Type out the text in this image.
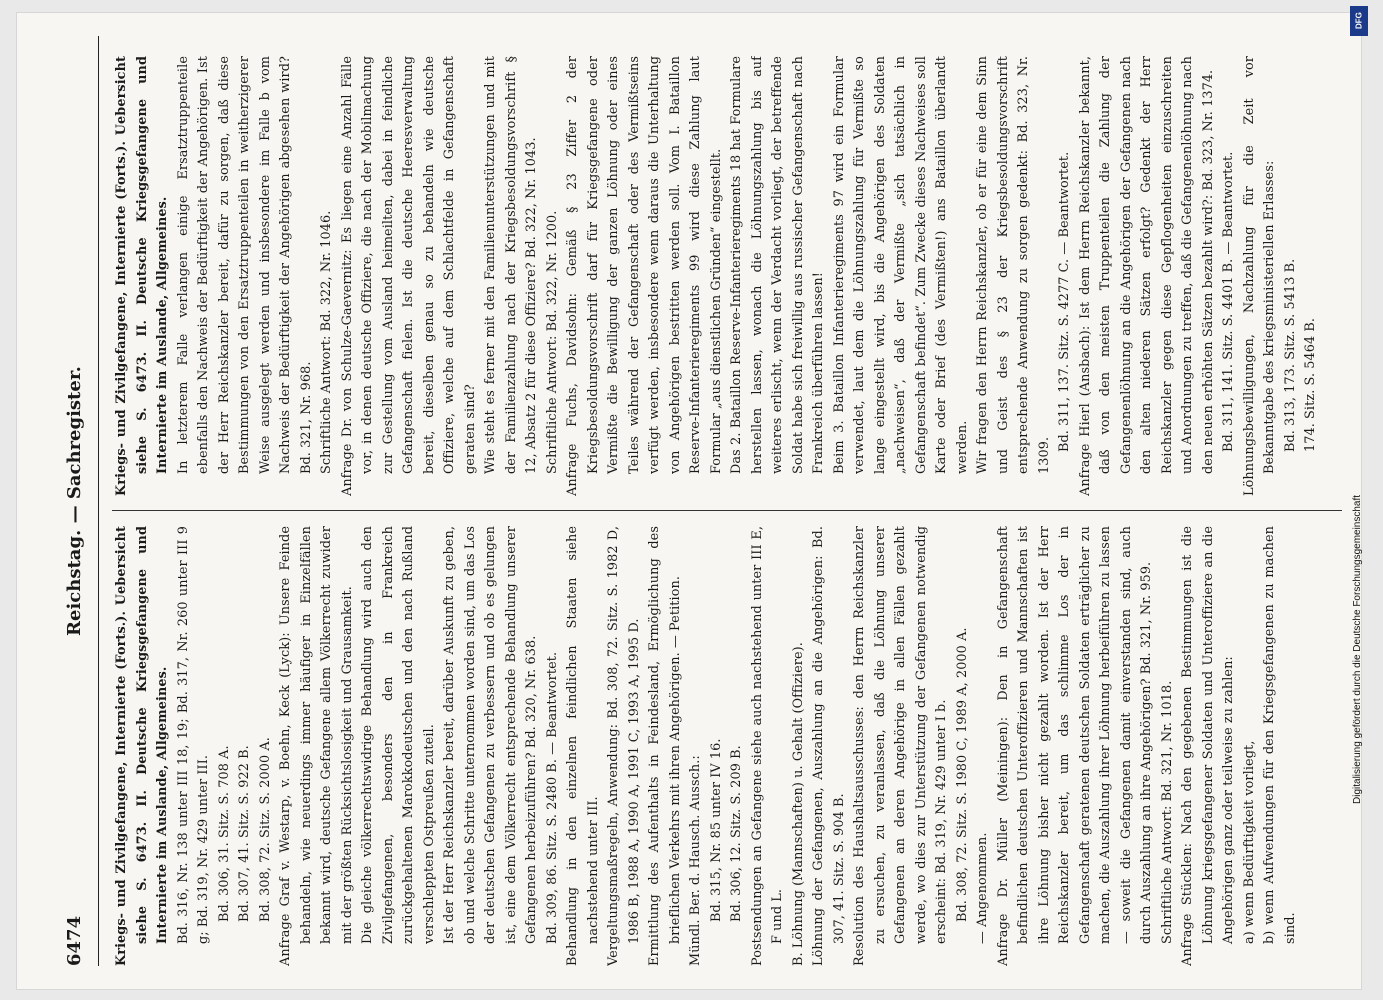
6474
Reichstag. — Sachregister.

Kriegs- und Zivilgefangene, Internierte (Forts.). Uebersicht siehe S. 6473. II. Deutsche Kriegsgefangene und Internierte im Auslande, Allgemeines. Bd. 316, Nr. 138 unter III 18, 19; Bd. 317, Nr. 260 unter III 9 g; Bd. 319, Nr. 429 unter III. Bd. 306, 31. Sitz. S. 708 A. Bd. 307, 41. Sitz. S. 922 B. Bd. 308, 72. Sitz. S. 2000 A. Anfrage Graf v. Westarp, v. Boehn, Keck (Lyck): Unsere Feinde behandeln, wie neuerdings immer häufiger in Einzelfällen bekannt wird, deutsche Gefangene allem Völkerrecht zuwider mit der größten Rücksichtslosigkeit und Grausamkeit. Die gleiche völkerrechtswidrige Behandlung wird auch den Zivilgefangenen, besonders den in Frankreich zurückgehaltenen Marokkodeutschen und den nach Rußland verschleppten Ostpreußen zuteil. Ist der Herr Reichskanzler bereit, darüber Auskunft zu geben, ob und welche Schritte unternommen worden sind, um das Los der deutschen Gefangenen zu verbessern und ob es gelungen ist, eine dem Völkerrecht entsprechende Behandlung unserer Gefangenen herbeizuführen? Bd. 320, Nr. 638. Bd. 309, 86. Sitz. S. 2480 B. — Beantwortet. Behandlung in den einzelnen feindlichen Staaten siehe nachstehend unter III. Vergeltungsmaßregeln, Anwendung: Bd. 308, 72. Sitz. S. 1982 D, 1986 B, 1988 A, 1990 A, 1991 C, 1993 A, 1995 D. Ermittlung des Aufenthalts in Feindesland, Ermöglichung des brieflichen Verkehrs mit ihren Angehörigen. — Petition. Mündl. Ber. d. Hausch. Aussch.: Bd. 315, Nr. 85 unter IV 16. Bd. 306, 12. Sitz. S. 209 B. Postsendungen an Gefangene siehe auch nachstehend unter III E, F und L. B. Löhnung (Mannschaften) u. Gehalt (Offiziere). Löhnung der Gefangenen, Auszahlung an die Angehörigen: Bd. 307, 41. Sitz. S. 904 B. Resolution des Haushaltsausschusses: den Herrn Reichskanzler zu ersuchen, zu veranlassen, daß die Löhnung unserer Gefangenen an deren Angehörige in allen Fällen gezahlt werde, wo dies zur Unterstützung der Gefangenen notwendig erscheint: Bd. 319, Nr. 429 unter I b. Bd. 308, 72. Sitz. S. 1980 C, 1989 A, 2000 A. — Angenommen. Anfrage Dr. Müller (Meiningen): Den in Gefangenschaft befindlichen deutschen Unteroffizieren und Mannschaften ist ihre Löhnung bisher nicht gezahlt worden. Ist der Herr Reichskanzler bereit, um das schlimme Los der in Gefangenschaft geratenen deutschen Soldaten erträglicher zu machen, die Auszahlung ihrer Löhnung herbeiführen zu lassen — soweit die Gefangenen damit einverstanden sind, auch durch Auszahlung an ihre Angehörigen? Bd. 321, Nr. 959. Schriftliche Antwort: Bd. 321, Nr. 1018. Anfrage Stücklen: Nach den gegebenen Bestimmungen ist die Löhnung kriegsgefangener Soldaten und Unteroffiziere an die Angehörigen ganz oder teilweise zu zahlen: a) wenn Bedürftigkeit vorliegt, b) wenn Aufwendungen für den Kriegsgefangenen zu machen sind.

Kriegs- und Zivilgefangene, Internierte (Forts.). Uebersicht siehe S. 6473. II. Deutsche Kriegsgefangene und Internierte im Auslande, Allgemeines. In letzterem Falle verlangen einige Ersatztruppenteile ebenfalls den Nachweis der Bedürftigkeit der Angehörigen. Ist der Herr Reichskanzler bereit, dafür zu sorgen, daß diese Bestimmungen von den Ersatztruppenteilen in weitherzigerer Weise ausgelegt werden und insbesondere im Falle b vom Nachweis der Bedürftigkeit der Angehörigen abgesehen wird? Bd. 321, Nr. 968. Schriftliche Antwort: Bd. 322, Nr. 1046. Anfrage Dr. von Schulze-Gaevernitz: Es liegen eine Anzahl Fälle vor, in denen deutsche Offiziere, die nach der Mobilmachung zur Gestellung vom Ausland heimeilten, dabei in feindliche Gefangenschaft fielen. Ist die deutsche Heeresverwaltung bereit, dieselben genau so zu behandeln wie deutsche Offiziere, welche auf dem Schlachtfelde in Gefangenschaft geraten sind? Wie steht es ferner mit den Familienunterstützungen und mit der Familienzahlung nach der Kriegsbesoldungsvorschrift § 12, Absatz 2 für diese Offiziere? Bd. 322, Nr. 1043. Schriftliche Antwort: Bd. 322, Nr. 1200. Anfrage Fuchs, Davidsohn: Gemäß § 23 Ziffer 2 der Kriegsbesoldungsvorschrift darf für Kriegsgefangene oder Vermißte die Bewilligung der ganzen Löhnung oder eines Teiles während der Gefangenschaft oder des Vermißtseins verfügt werden, insbesondere wenn daraus die Unterhaltung von Angehörigen bestritten werden soll. Vom I. Bataillon Reserve-Infanterieregiments 99 wird diese Zahlung laut Formular „aus dienstlichen Gründen“ eingestellt. Das 2. Bataillon Reserve-Infanterieregiments 18 hat Formulare herstellen lassen, wonach die Löhnungszahlung bis auf weiteres erlischt, wenn der Verdacht vorliegt, der betreffende Soldat habe sich freiwillig aus russischer Gefangenschaft nach Frankreich überführen lassen! Beim 3. Bataillon Infanterieregiments 97 wird ein Formular verwendet, laut dem die Löhnungszahlung für Vermißte so lange eingestellt wird, bis die Angehörigen des Soldaten „nachweisen“, daß der Vermißte „sich tatsächlich in Gefangenschaft befindet“. Zum Zwecke dieses Nachweises soll Karte oder Brief (des Vermißten!) ans Bataillon überlandt werden. Wir fragen den Herrn Reichskanzler, ob er für eine dem Sinn und Geist des § 23 der Kriegsbesoldungsvorschrift entsprechende Anwendung zu sorgen gedenkt: Bd. 323, Nr. 1309.

Bd. 311, 137. Sitz. S. 4277 C. — Beantwortet. Anfrage Hierl (Ansbach): Ist dem Herrn Reichskanzler bekannt, daß von den meisten Truppenteilen die Zahlung der Gefangenenlöhnung an die Angehörigen der Gefangenen nach den alten niederen Sätzen erfolgt? Gedenkt der Herr Reichskanzler gegen diese Gepflogenheiten einzuschreiten und Anordnungen zu treffen, daß die Gefangenenlöhnung nach den neuen erhöhten Sätzen bezahlt wird?: Bd. 323, Nr. 1374. Bd. 311, 141. Sitz. S. 4401 B. — Beantwortet. Löhnungsbewilligungen, Nachzahlung für die Zeit vor Bekanntgabe des kriegsministeriellen Erlasses: Bd. 313, 173. Sitz. S. 5413 B. 174. Sitz. S. 5464 B.

DFG
Digitalisierung gefördert durch die Deutsche Forschungsgemeinschaft
